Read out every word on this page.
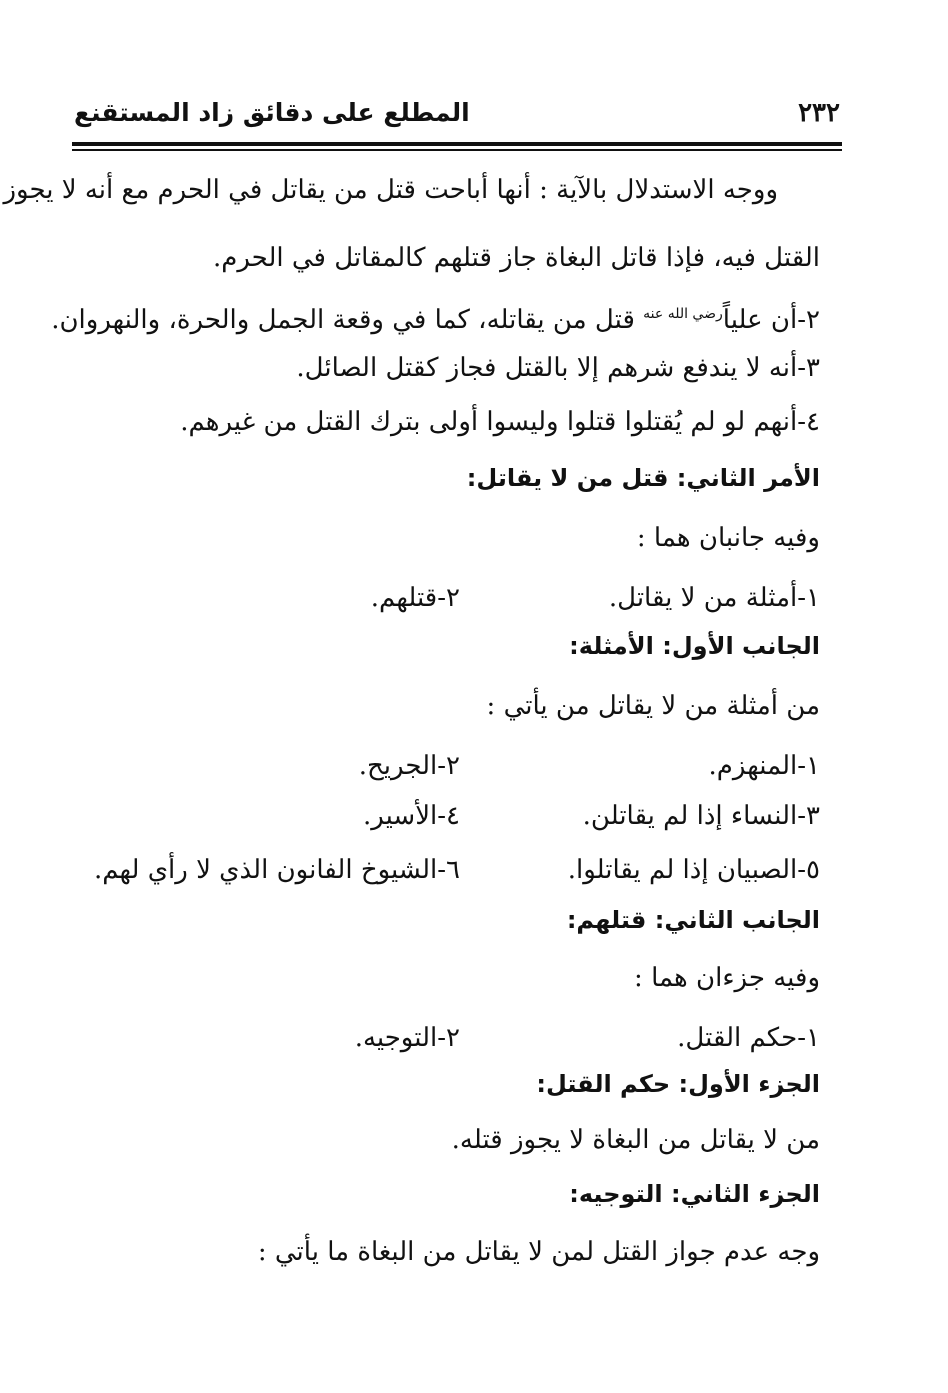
٢٣٢
المطلع على دقائق زاد المستقنع
ووجه الاستدلال بالآية : أنها أباحت قتل من يقاتل في الحرم مع أنه لا يجوز
القتل فيه، فإذا قاتل البغاة جاز قتلهم كالمقاتل في الحرم.
٢-أن علياًرضي الله عنه قتل من يقاتله، كما في وقعة الجمل والحرة، والنهروان.
٣-أنه لا يندفع شرهم إلا بالقتل فجاز كقتل الصائل.
٤-أنهم لو لم يُقتلوا قتلوا وليسوا أولى بترك القتل من غيرهم.
الأمر الثاني: قتل من لا يقاتل:
وفيه جانبان هما :
١-أمثلة من لا يقاتل.
٢-قتلهم.
الجانب الأول: الأمثلة:
من أمثلة من لا يقاتل من يأتي :
١-المنهزم.
٢-الجريح.
٣-النساء إذا لم يقاتلن.
٤-الأسير.
٥-الصبيان إذا لم يقاتلوا.
٦-الشيوخ الفانون الذي لا رأي لهم.
الجانب الثاني: قتلهم:
وفيه جزءان هما :
١-حكم القتل.
٢-التوجيه.
الجزء الأول: حكم القتل:
من لا يقاتل من البغاة لا يجوز قتله.
الجزء الثاني: التوجيه:
وجه عدم جواز القتل لمن لا يقاتل من البغاة ما يأتي :
